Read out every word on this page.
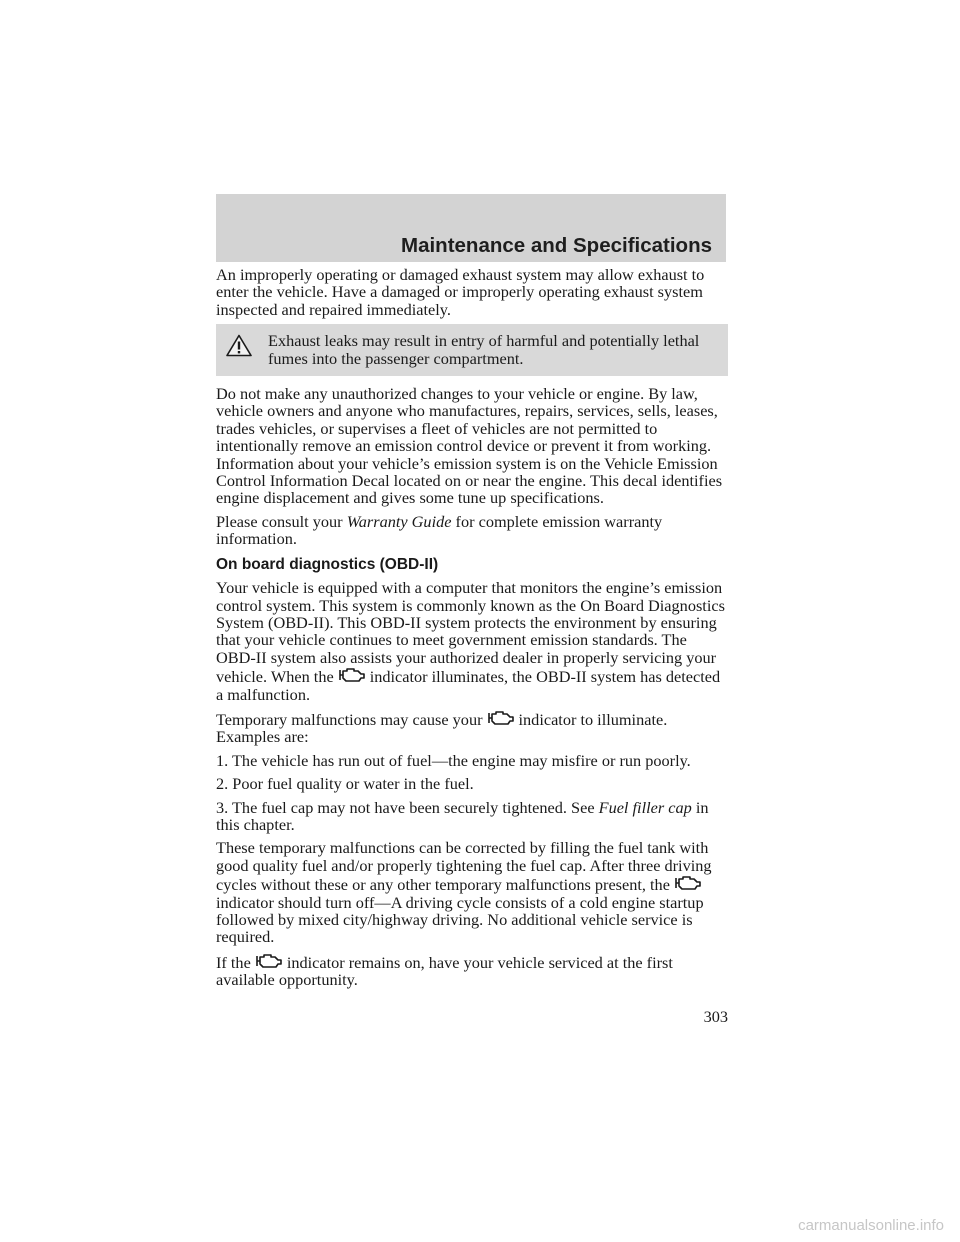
Maintenance and Specifications

An improperly operating or damaged exhaust system may allow exhaust to enter the vehicle. Have a damaged or improperly operating exhaust system inspected and repaired immediately.

Exhaust leaks may result in entry of harmful and potentially lethal fumes into the passenger compartment.

Do not make any unauthorized changes to your vehicle or engine. By law, vehicle owners and anyone who manufactures, repairs, services, sells, leases, trades vehicles, or supervises a fleet of vehicles are not permitted to intentionally remove an emission control device or prevent it from working. Information about your vehicle’s emission system is on the Vehicle Emission Control Information Decal located on or near the engine. This decal identifies engine displacement and gives some tune up specifications.

Please consult your Warranty Guide for complete emission warranty information.

On board diagnostics (OBD-II)

Your vehicle is equipped with a computer that monitors the engine’s emission control system. This system is commonly known as the On Board Diagnostics System (OBD-II). This OBD-II system protects the environment by ensuring that your vehicle continues to meet government emission standards. The OBD-II system also assists your authorized dealer in properly servicing your vehicle. When the indicator illuminates, the OBD-II system has detected a malfunction.

Temporary malfunctions may cause your indicator to illuminate. Examples are:

1. The vehicle has run out of fuel—the engine may misfire or run poorly.

2. Poor fuel quality or water in the fuel.

3. The fuel cap may not have been securely tightened. See Fuel filler cap in this chapter.

These temporary malfunctions can be corrected by filling the fuel tank with good quality fuel and/or properly tightening the fuel cap. After three driving cycles without these or any other temporary malfunctions present, theindicator should turn off—A driving cycle consists of a cold engine startup followed by mixed city/highway driving. No additional vehicle service is required.

If the indicator remains on, have your vehicle serviced at the first available opportunity.

303

carmanualsonline.info
